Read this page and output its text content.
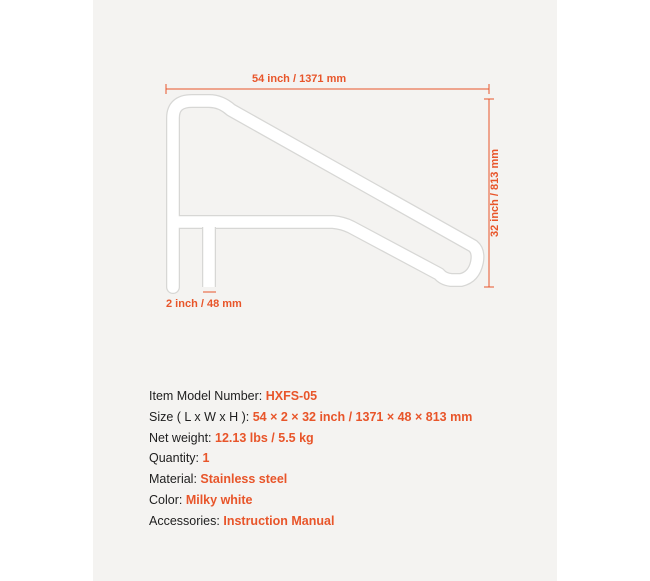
54 inch / 1371 mm
32 inch / 813 mm
2 inch / 48 mm
Item Model Number: HXFS-05
Size ( L x W x H ): 54 × 2 × 32 inch / 1371 × 48 × 813 mm
Net weight: 12.13 lbs / 5.5 kg
Quantity: 1
Material: Stainless steel
Color: Milky white
Accessories: Instruction Manual
